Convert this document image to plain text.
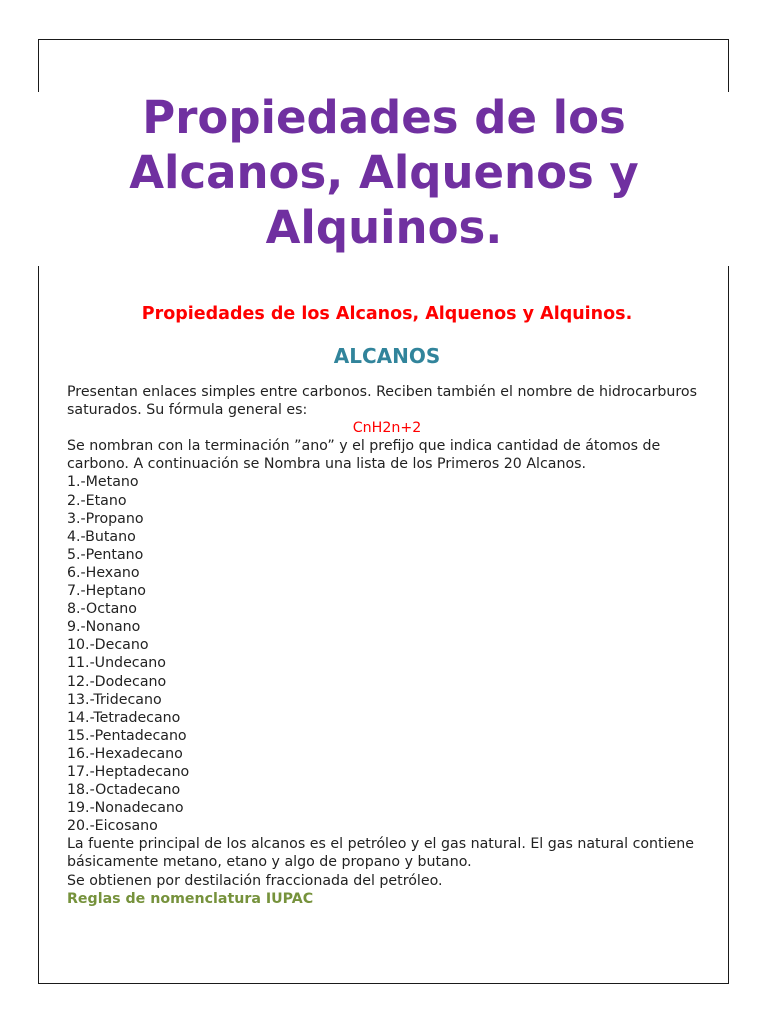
Propiedades de los Alcanos, Alquenos y Alquinos.
Propiedades de los Alcanos, Alquenos y Alquinos.
ALCANOS

Presentan enlaces simples entre carbonos. Reciben también el nombre de hidrocarburos saturados. Su fórmula general es:

CnH2n+2

Se nombran con la terminación ”ano” y el prefijo que indica cantidad de átomos de carbono. A continuación se Nombra una lista de los Primeros 20 Alcanos.

1.-Metano
2.-Etano
3.-Propano
4.-Butano
5.-Pentano
6.-Hexano
7.-Heptano
8.-Octano
9.-Nonano
10.-Decano
11.-Undecano
12.-Dodecano
13.-Tridecano
14.-Tetradecano
15.-Pentadecano
16.-Hexadecano
17.-Heptadecano
18.-Octadecano
19.-Nonadecano
20.-Eicosano

La fuente principal de los alcanos es el petróleo y el gas natural. El gas natural contiene básicamente metano, etano y algo de propano y butano.

Se obtienen por destilación fraccionada del petróleo.

Reglas de nomenclatura IUPAC
